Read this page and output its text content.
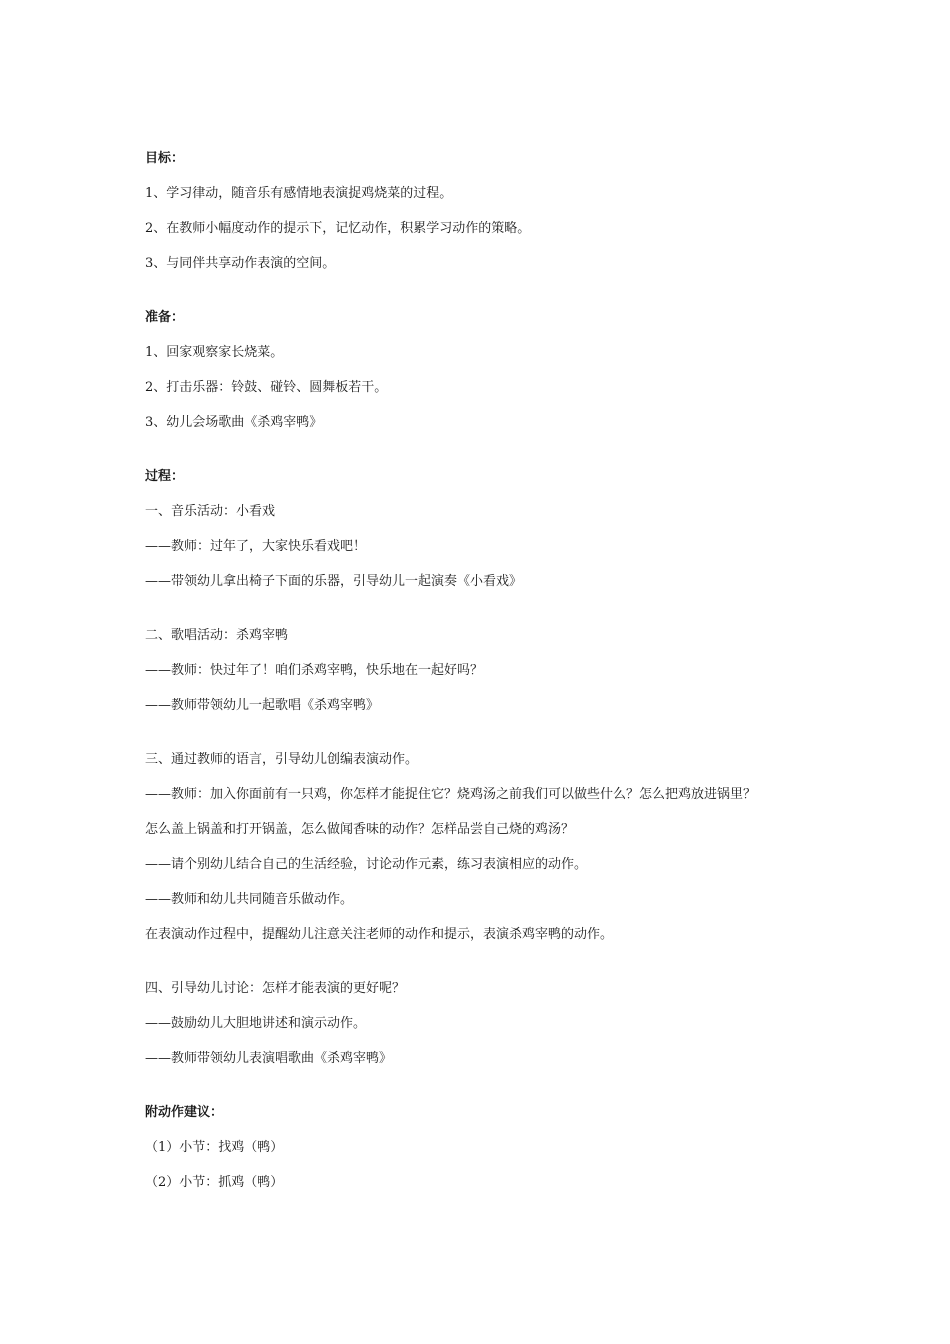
目标：
1、学习律动，随音乐有感情地表演捉鸡烧菜的过程。
2、在教师小幅度动作的提示下，记忆动作，积累学习动作的策略。
3、与同伴共享动作表演的空间。
准备：
1、回家观察家长烧菜。
2、打击乐器：铃鼓、碰铃、圆舞板若干。
3、幼儿会场歌曲《杀鸡宰鸭》
过程：
一、音乐活动：小看戏
——教师：过年了，大家快乐看戏吧！
——带领幼儿拿出椅子下面的乐器，引导幼儿一起演奏《小看戏》
二、歌唱活动：杀鸡宰鸭
——教师：快过年了！咱们杀鸡宰鸭，快乐地在一起好吗？
——教师带领幼儿一起歌唱《杀鸡宰鸭》
三、通过教师的语言，引导幼儿创编表演动作。
——教师：加入你面前有一只鸡，你怎样才能捉住它？烧鸡汤之前我们可以做些什么？怎么把鸡放进锅里？
怎么盖上锅盖和打开锅盖，怎么做闻香味的动作？怎样品尝自己烧的鸡汤？
——请个别幼儿结合自己的生活经验，讨论动作元素，练习表演相应的动作。
——教师和幼儿共同随音乐做动作。
在表演动作过程中，提醒幼儿注意关注老师的动作和提示，表演杀鸡宰鸭的动作。
四、引导幼儿讨论：怎样才能表演的更好呢？
——鼓励幼儿大胆地讲述和演示动作。
——教师带领幼儿表演唱歌曲《杀鸡宰鸭》
附动作建议：
（1）小节：找鸡（鸭）
（2）小节：抓鸡（鸭）
